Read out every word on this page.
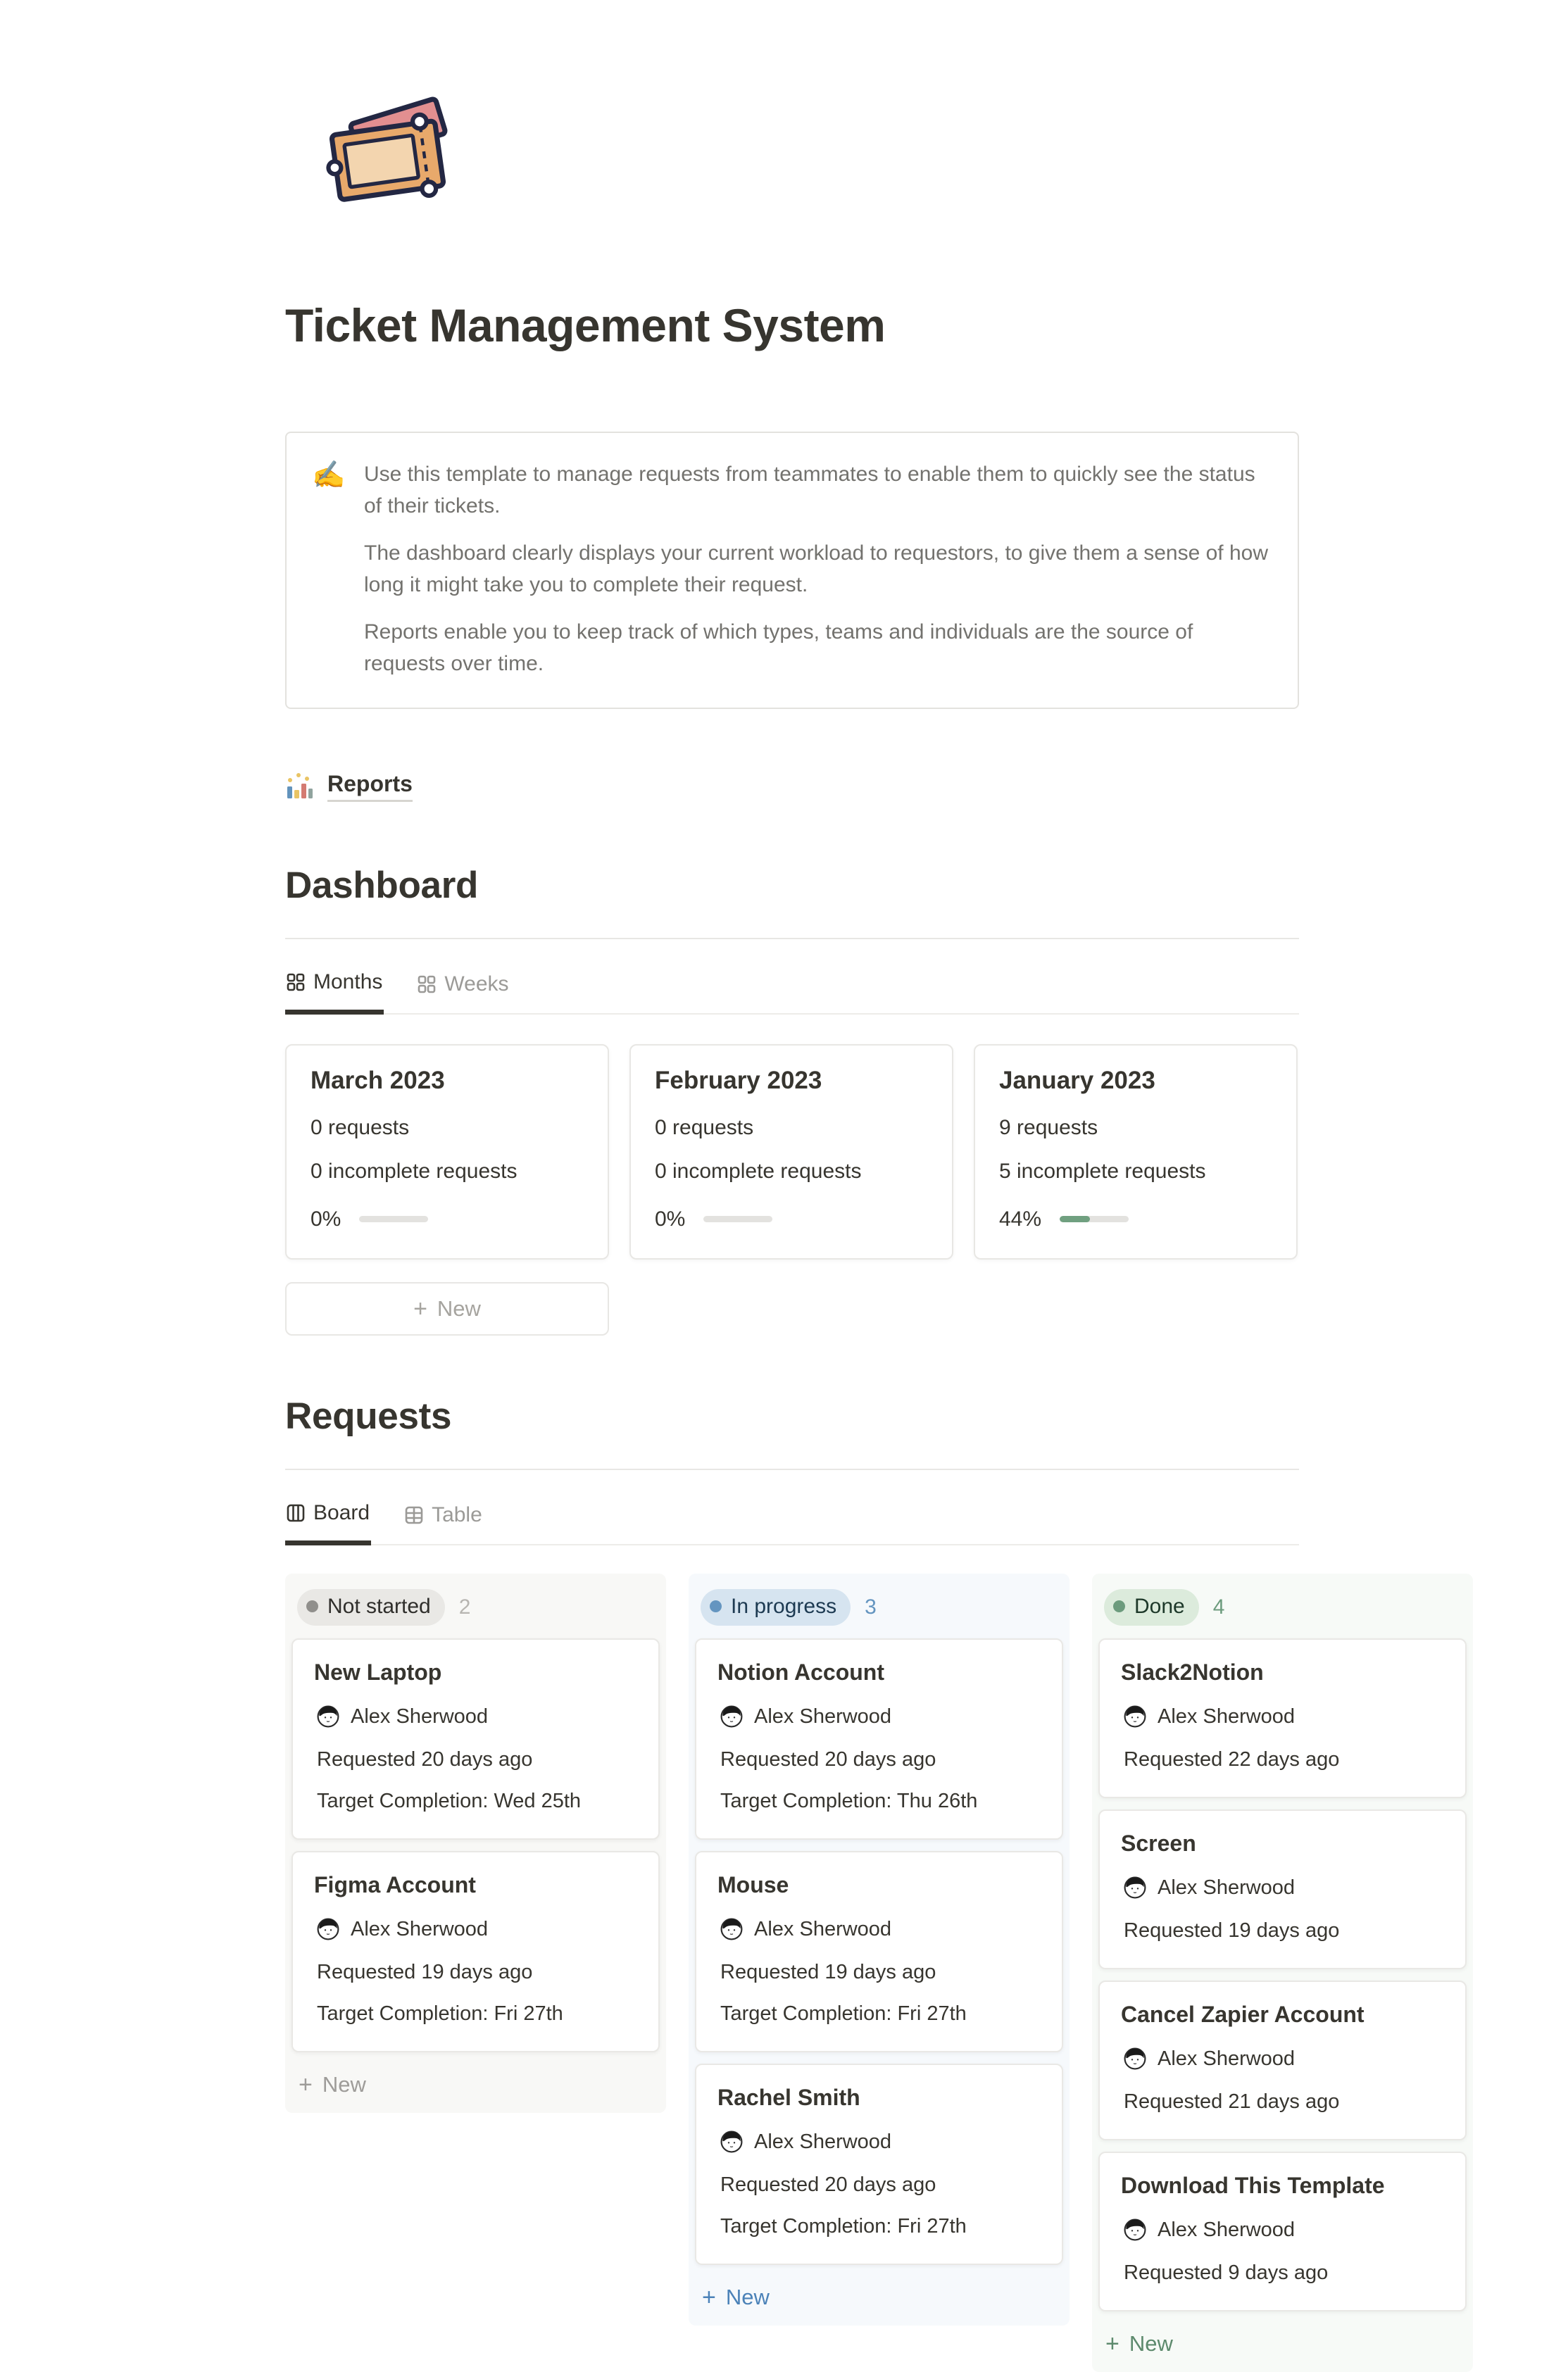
Ticket Management System
✍️ Use this template to manage requests from teammates to enable them to quickly see the status of their tickets.

The dashboard clearly displays your current workload to requestors, to give them a sense of how long it might take you to complete their request.

Reports enable you to keep track of which types, teams and individuals are the source of requests over time.

Reports
Dashboard
Months	Weeks
March 2023
0 requests
0 incomplete requests
0%
February 2023
0 requests
0 incomplete requests
0%
January 2023
9 requests
5 incomplete requests
44%
+ New
Requests
Board	Table
Not started 2
New Laptop
Alex Sherwood
Requested 20 days ago
Target Completion: Wed 25th
Figma Account
Alex Sherwood
Requested 19 days ago
Target Completion: Fri 27th
+ New
In progress 3
Notion Account
Alex Sherwood
Requested 20 days ago
Target Completion: Thu 26th
Mouse
Alex Sherwood
Requested 19 days ago
Target Completion: Fri 27th
Rachel Smith
Alex Sherwood
Requested 20 days ago
Target Completion: Fri 27th
+ New
Done 4
Slack2Notion
Alex Sherwood
Requested 22 days ago
Screen
Alex Sherwood
Requested 19 days ago
Cancel Zapier Account
Alex Sherwood
Requested 21 days ago
Download This Template
Alex Sherwood
Requested 9 days ago
+ New
